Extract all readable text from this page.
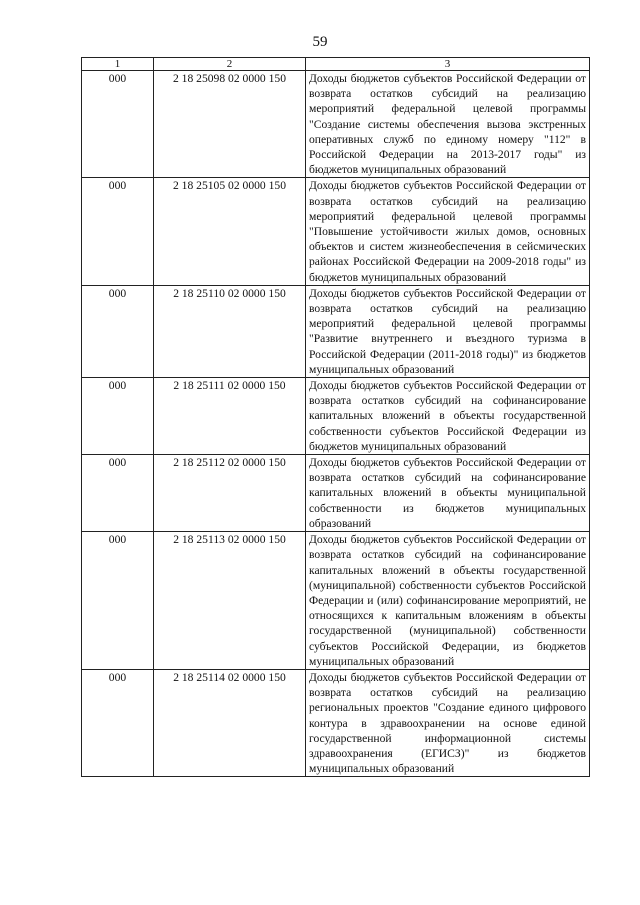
59
1	2	3
000	2 18 25098 02 0000 150	Доходы бюджетов субъектов Российской Федерации от возврата остатков субсидий на реализацию мероприятий федеральной целевой программы "Создание системы обеспечения вызова экстренных оперативных служб по единому номеру "112" в Российской Федерации на 2013-2017 годы" из бюджетов муниципальных образований
000	2 18 25105 02 0000 150	Доходы бюджетов субъектов Российской Федерации от возврата остатков субсидий на реализацию мероприятий федеральной целевой программы "Повышение устойчивости жилых домов, основных объектов и систем жизнеобеспечения в сейсмических районах Российской Федерации на 2009-2018 годы" из бюджетов муниципальных образований
000	2 18 25110 02 0000 150	Доходы бюджетов субъектов Российской Федерации от возврата остатков субсидий на реализацию мероприятий федеральной целевой программы "Развитие внутреннего и въездного туризма в Российской Федерации (2011-2018 годы)" из бюджетов муниципальных образований
000	2 18 25111 02 0000 150	Доходы бюджетов субъектов Российской Федерации от возврата остатков субсидий на софинансирование капитальных вложений в объекты государственной собственности субъектов Российской Федерации из бюджетов муниципальных образований
000	2 18 25112 02 0000 150	Доходы бюджетов субъектов Российской Федерации от возврата остатков субсидий на софинансирование капитальных вложений в объекты муниципальной собственности из бюджетов муниципальных образований
000	2 18 25113 02 0000 150	Доходы бюджетов субъектов Российской Федерации от возврата остатков субсидий на софинансирование капитальных вложений в объекты государственной (муниципальной) собственности субъектов Российской Федерации и (или) софинансирование мероприятий, не относящихся к капитальным вложениям в объекты государственной (муниципальной) собственности субъектов Российской Федерации, из бюджетов муниципальных образований
000	2 18 25114 02 0000 150	Доходы бюджетов субъектов Российской Федерации от возврата остатков субсидий на реализацию региональных проектов "Создание единого цифрового контура в здравоохранении на основе единой государственной информационной системы здравоохранения (ЕГИСЗ)" из бюджетов муниципальных образований
